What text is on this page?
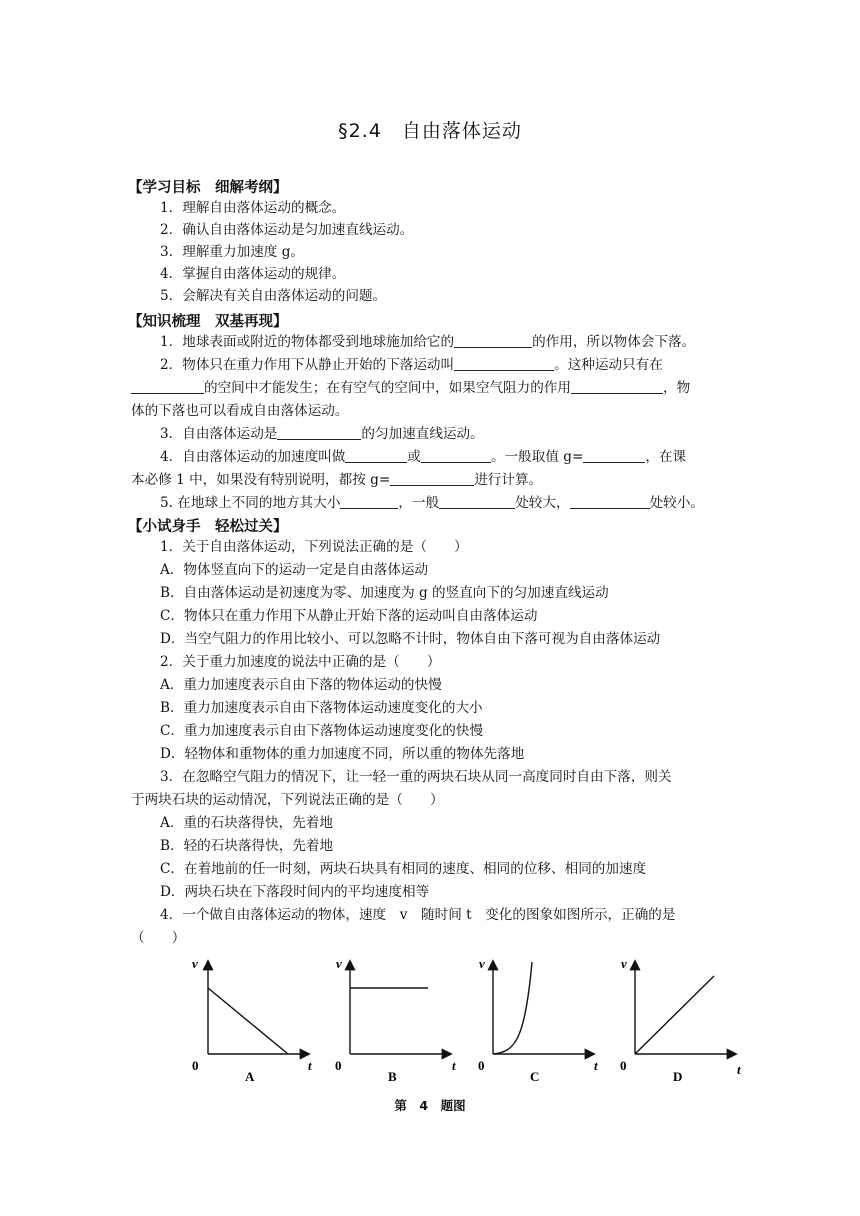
§2.4　自由落体运动
【学习目标　细解考纲】
1．理解自由落体运动的概念。
2．确认自由落体运动是匀加速直线运动。
3．理解重力加速度 g。
4．掌握自由落体运动的规律。
5．会解决有关自由落体运动的问题。
【知识梳理　双基再现】
1．地球表面或附近的物体都受到地球施加给它的	的作用，所以物体会下落。
2．物体只在重力作用下从静止开始的下落运动叫	。这种运动只有在
的空间中才能发生；在有空气的空间中，如果空气阻力的作用	，物
体的下落也可以看成自由落体运动。
3．自由落体运动是	的匀加速直线运动。
4．自由落体运动的加速度叫做	或	。一般取值 g=	，在课
本必修 1 中，如果没有特别说明，都按 g=	进行计算。
5. 在地球上不同的地方其大小	，一般	处较大，	处较小。
【小试身手　轻松过关】
1．关于自由落体运动，下列说法正确的是（　　）
A．物体竖直向下的运动一定是自由落体运动
B．自由落体运动是初速度为零、加速度为 g 的竖直向下的匀加速直线运动
C．物体只在重力作用下从静止开始下落的运动叫自由落体运动
D．当空气阻力的作用比较小、可以忽略不计时，物体自由下落可视为自由落体运动
2．关于重力加速度的说法中正确的是（　　）
A．重力加速度表示自由下落的物体运动的快慢
B．重力加速度表示自由下落物体运动速度变化的大小
C．重力加速度表示自由下落物体运动速度变化的快慢
D．轻物体和重物体的重力加速度不同，所以重的物体先落地
3．在忽略空气阻力的情况下，让一轻一重的两块石块从同一高度同时自由下落，则关
于两块石块的运动情况，下列说法正确的是（　　）
A．重的石块落得快，先着地
B．轻的石块落得快，先着地
C．在着地前的任一时刻，两块石块具有相同的速度、相同的位移、相同的加速度
D．两块石块在下落段时间内的平均速度相等
4．一个做自由落体运动的物体，速度　v　随时间 t　变化的图象如图所示，正确的是
（　　）
v
0	t
A
v
0	t
B
v
0	t
C
v
0	t
D
第　4　题图
